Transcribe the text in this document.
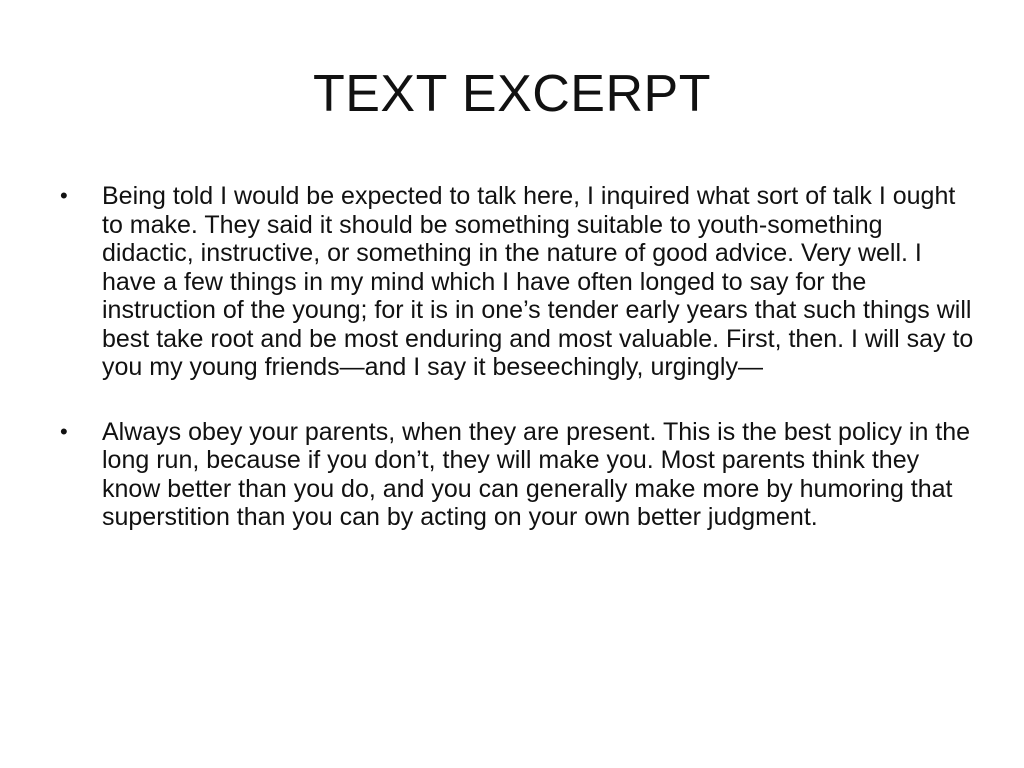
TEXT EXCERPT
• Being told I would be expected to talk here, I inquired what sort of talk I ought to make. They said it should be something suitable to youth-something didactic, instructive, or something in the nature of good advice. Very well. I have a few things in my mind which I have often longed to say for the instruction of the young; for it is in one’s tender early years that such things will best take root and be most enduring and most valuable. First, then. I will say to you my young friends—and I say it beseechingly, urgingly—
• Always obey your parents, when they are present. This is the best policy in the long run, because if you don’t, they will make you. Most parents think they know better than you do, and you can generally make more by humoring that superstition than you can by acting on your own better judgment.
